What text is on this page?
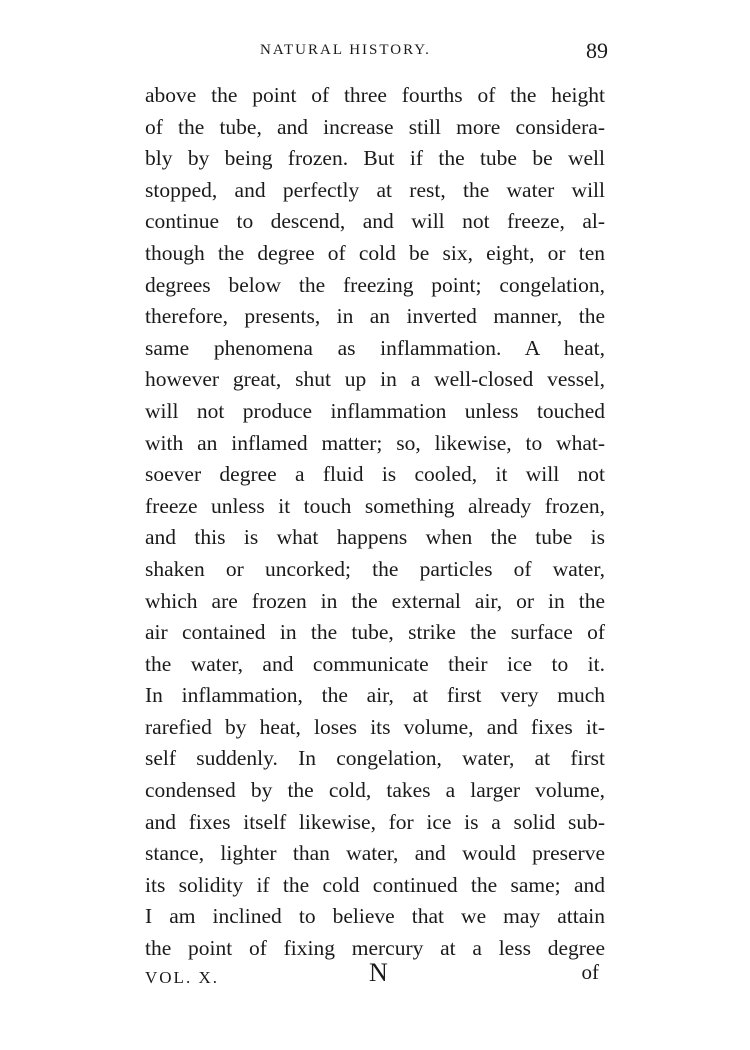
NATURAL HISTORY.	89
above the point of three fourths of the height
of the tube, and increase still more considera-
bly by being frozen. But if the tube be well
stopped, and perfectly at rest, the water will
continue to descend, and will not freeze, al-
though the degree of cold be six, eight, or ten
degrees below the freezing point; congelation,
therefore, presents, in an inverted manner, the
same phenomena as inflammation. A heat,
however great, shut up in a well-closed vessel,
will not produce inflammation unless touched
with an inflamed matter; so, likewise, to what-
soever degree a fluid is cooled, it will not
freeze unless it touch something already frozen,
and this is what happens when the tube is
shaken or uncorked; the particles of water,
which are frozen in the external air, or in the
air contained in the tube, strike the surface of
the water, and communicate their ice to it.
In inflammation, the air, at first very much
rarefied by heat, loses its volume, and fixes it-
self suddenly. In congelation, water, at first
condensed by the cold, takes a larger volume,
and fixes itself likewise, for ice is a solid sub-
stance, lighter than water, and would preserve
its solidity if the cold continued the same; and
I am inclined to believe that we may attain
the point of fixing mercury at a less degree
VOL. X.	N	of
